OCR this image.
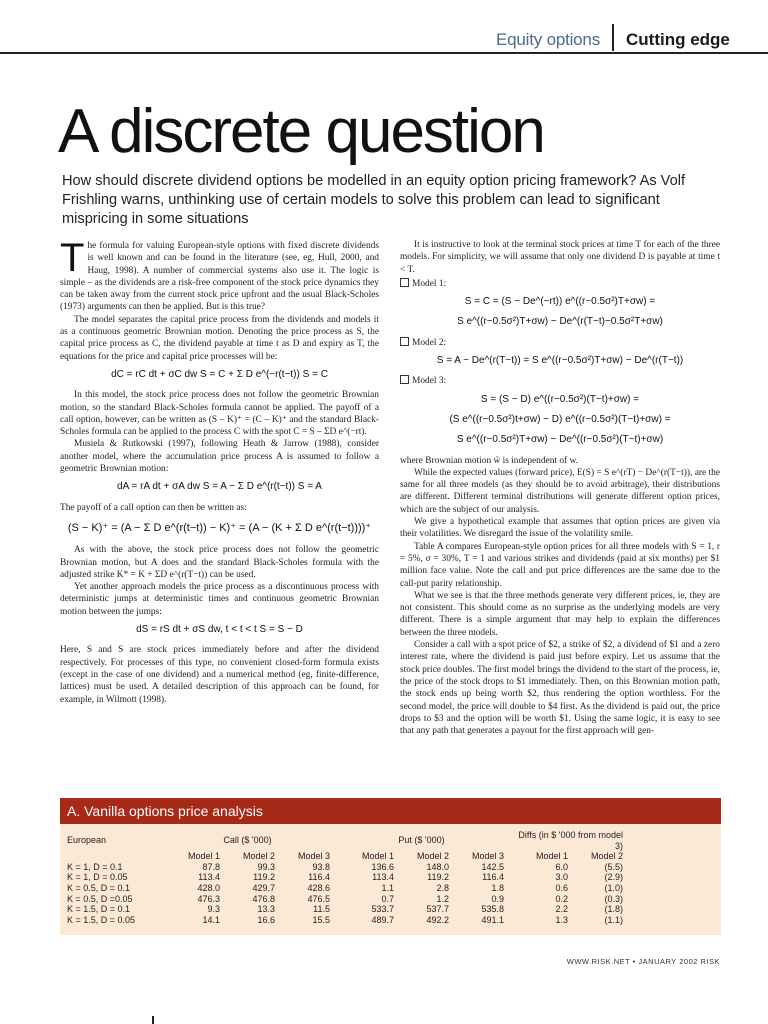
Equity options Cutting edge
A discrete question
How should discrete dividend options be modelled in an equity option pricing framework? As Volf Frishling warns, unthinking use of certain models to solve this problem can lead to significant mispricing in some situations

The formula for valuing European-style options with fixed discrete dividends is well known and can be found in the literature (see, eg, Hull, 2000, and Haug, 1998). A number of commercial systems also use it. The logic is simple – as the dividends are a risk-free component of the stock price dynamics they can be taken away from the current stock price upfront and the usual Black-Scholes (1973) arguments can then be applied. But is this true?

The model separates the capital price process from the dividends and models it as a continuous geometric Brownian motion. Denoting the price process as S, the capital price process as C, the dividend payable at time t as D and expiry as T, the equations for the price and capital price processes will be:

dC = rC dt + σC dw S = C + Σ D e^(−r(t−t)) S = C

In this model, the stock price process does not follow the geometric Brownian motion, so the standard Black-Scholes formula cannot be applied. The payoff of a call option, however, can be written as (S – K)⁺ = (C – K)⁺ and the standard Black-Scholes formula can be applied to the process C with the spot C = S – ΣD e^(−rt).

Musiela & Rutkowski (1997), following Heath & Jarrow (1988), consider another model, where the accumulation price process A is assumed to follow a geometric Brownian motion:

dA = rA dt + σA dw S = A − Σ D e^(r(t−t)) S = A

The payoff of a call option can then be written as:

(S − K)⁺ = (A − Σ D e^(r(t−t)) − K)⁺ = (A − (K + Σ D e^(r(t−t))))⁺

As with the above, the stock price process does not follow the geometric Brownian motion, but A does and the standard Black-Scholes formula with the adjusted strike K* = K + ΣD e^(r(T−t)) can be used.

Yet another approach models the price process as a discontinuous process with deterministic jumps at deterministic times and continuous geometric Brownian motion between the jumps:

dS = rS dt + σS dw, t < t < t S = S − D

Here, S and S are stock prices immediately before and after the dividend respectively. For processes of this type, no convenient closed-form formula exists (except in the case of one dividend) and a numerical method (eg, finite-difference, lattices) must be used. A detailed description of this approach can be found, for example, in Wilmott (1998).

It is instructive to look at the terminal stock prices at time T for each of the three models. For simplicity, we will assume that only one dividend D is payable at time t < T.

Model 1:

S = C = (S − De^(−rt)) e^((r−0.5σ²)T+σw) =
S e^((r−0.5σ²)T+σw) − De^(r(T−t)−0.5σ²T+σw)

Model 2:

S = A − De^(r(T−t)) = S e^((r−0.5σ²)T+σw) − De^(r(T−t))

Model 3:

S = (S − D) e^((r−0.5σ²)(T−t)+σw) =
(S e^((r−0.5σ²)t+σw) − D) e^((r−0.5σ²)(T−t)+σw) =
S e^((r−0.5σ²)T+σw) − De^((r−0.5σ²)(T−t)+σw)

where Brownian motion w̃ is independent of w.

While the expected values (forward price), E(S) = S e^(rT) − De^(r(T−t)), are the same for all three models (as they should be to avoid arbitrage), their distributions are different. Different terminal distributions will generate different option prices, which are the subject of our analysis.

We give a hypothetical example that assumes that option prices are given via their volatilities. We disregard the issue of the volatility smile.

Table A compares European-style option prices for all three models with S = 1, r = 5%, σ = 30%, T = 1 and various strikes and dividends (paid at six months) per $1 million face value. Note the call and put price differences are the same due to the call-put parity relationship.

What we see is that the three methods generate very different prices, ie, they are not consistent. This should come as no surprise as the underlying models are very different. There is a simple argument that may help to explain the differences between the three models.

Consider a call with a spot price of $2, a strike of $2, a dividend of $1 and a zero interest rate, where the dividend is paid just before expiry. Let us assume that the stock price doubles. The first model brings the dividend to the start of the process, ie, the price of the stock drops to $1 immediately. Then, on this Brownian motion path, the stock ends up being worth $2, thus rendering the option worthless. For the second model, the price will double to $4 first. As the dividend is paid out, the price drops to $3 and the option will be worth $1. Using the same logic, it is easy to see that any path that generates a payout for the first approach will gen-

A. Vanilla options price analysis
European	Call ($ '000)				Put ($ '000)				Diffs (in $ '000 from model 3)	
	Model 1	Model 2	Model 3		Model 1	Model 2	Model 3		Model 1	Model 2
K = 1, D = 0.1	87.8	99.3	93.8		136.6	148.0	142.5		6.0	(5.5)
K = 1, D = 0.05	113.4	119.2	116.4		113.4	119.2	116.4		3.0	(2.9)
K = 0.5, D = 0.1	428.0	429.7	428.6		1.1	2.8	1.8		0.6	(1.0)
K = 0.5, D =0.05	476.3	476.8	476.5		0.7	1.2	0.9		0.2	(0.3)
K = 1.5, D = 0.1	9.3	13.3	11.5		533.7	537.7	535.8		2.2	(1.8)
K = 1.5, D = 0.05	14.1	16.6	15.5		489.7	492.2	491.1		1.3	(1.1)
WWW.RISK.NET • JANUARY 2002 RISK
